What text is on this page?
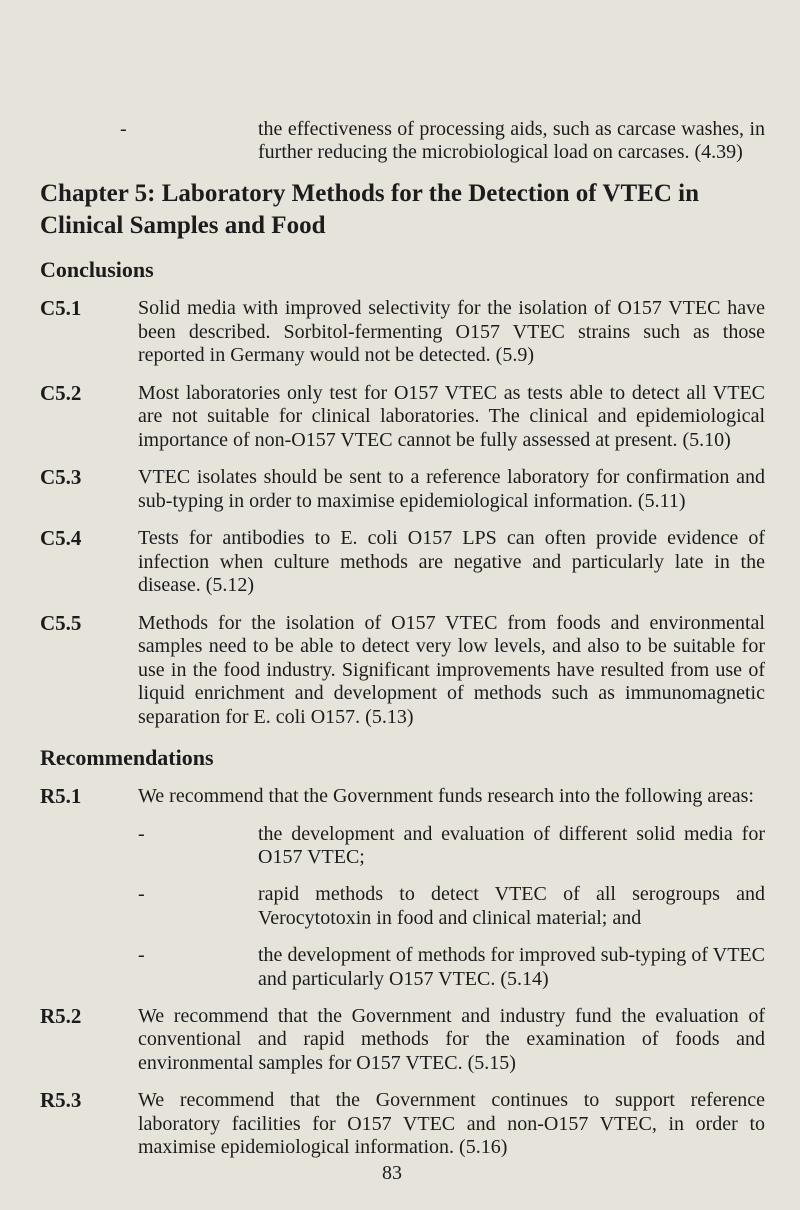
-	the effectiveness of processing aids, such as carcase washes, in further reducing the microbiological load on carcases. (4.39)
Chapter 5: Laboratory Methods for the Detection of VTEC in Clinical Samples and Food
Conclusions
C5.1	Solid media with improved selectivity for the isolation of O157 VTEC have been described. Sorbitol-fermenting O157 VTEC strains such as those reported in Germany would not be detected. (5.9)
C5.2	Most laboratories only test for O157 VTEC as tests able to detect all VTEC are not suitable for clinical laboratories. The clinical and epidemiological importance of non-O157 VTEC cannot be fully assessed at present. (5.10)
C5.3	VTEC isolates should be sent to a reference laboratory for confirmation and sub-typing in order to maximise epidemiological information. (5.11)
C5.4	Tests for antibodies to E. coli O157 LPS can often provide evidence of infection when culture methods are negative and particularly late in the disease. (5.12)
C5.5	Methods for the isolation of O157 VTEC from foods and environmental samples need to be able to detect very low levels, and also to be suitable for use in the food industry. Significant improvements have resulted from use of liquid enrichment and development of methods such as immunomagnetic separation for E. coli O157. (5.13)
Recommendations
R5.1	We recommend that the Government funds research into the following areas:
-	the development and evaluation of different solid media for O157 VTEC;
-	rapid methods to detect VTEC of all serogroups and Verocytotoxin in food and clinical material; and
-	the development of methods for improved sub-typing of VTEC and particularly O157 VTEC. (5.14)
R5.2	We recommend that the Government and industry fund the evaluation of conventional and rapid methods for the examination of foods and environmental samples for O157 VTEC. (5.15)
R5.3	We recommend that the Government continues to support reference laboratory facilities for O157 VTEC and non-O157 VTEC, in order to maximise epidemiological information. (5.16)
83
